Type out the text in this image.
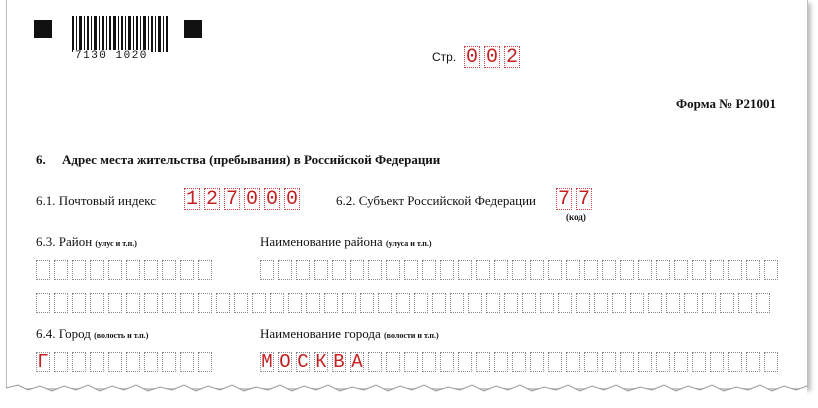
7130 1020	Стр. 0 0 2
Форма № Р21001
6. Адрес места жительства (пребывания) в Российской Федерации
6.1. Почтовый индекс 1 2 7 0 0 0	6.2. Субъект Российской Федерации 7 7
(код)
6.3. Район (улус и т.п.)	Наименование района (улуса и т.п.)
6.4. Город (волость и т.п.)	Наименование города (волости и т.п.)
Г	М О С К В А
